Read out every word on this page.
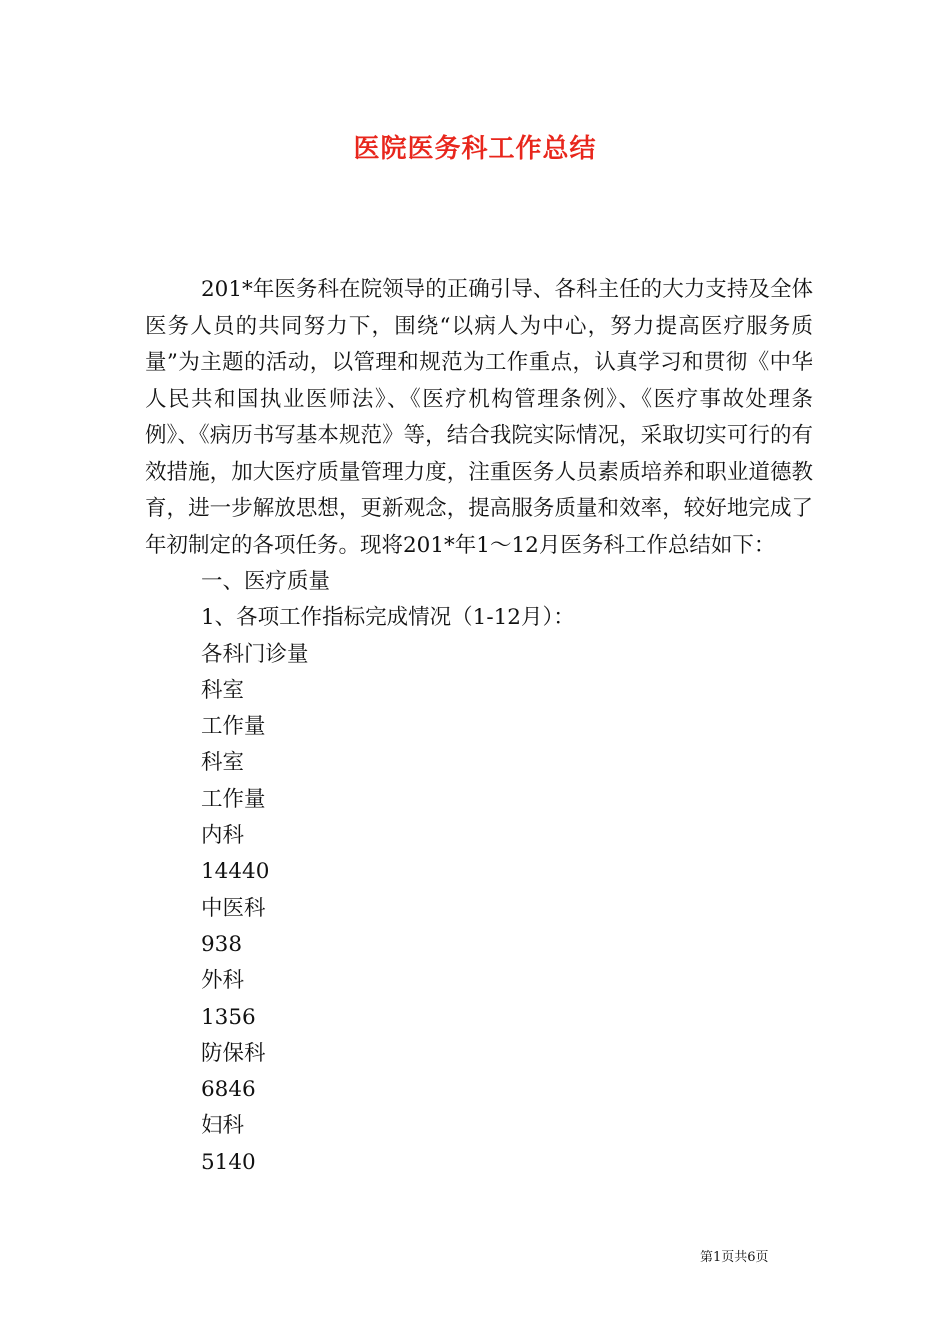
医院医务科工作总结

201*年医务科在院领导的正确引导、各科主任的大力支持及全体医务人员的共同努力下，围绕“以病人为中心，努力提高医疗服务质量”为主题的活动，以管理和规范为工作重点，认真学习和贯彻《中华人民共和国执业医师法》、《医疗机构管理条例》、《医疗事故处理条例》、《病历书写基本规范》等，结合我院实际情况，采取切实可行的有效措施，加大医疗质量管理力度，注重医务人员素质培养和职业道德教育，进一步解放思想，更新观念，提高服务质量和效率，较好地完成了年初制定的各项任务。现将201*年1～12月医务科工作总结如下：

一、医疗质量

1、各项工作指标完成情况（1-12月）：

各科门诊量

科室

工作量

科室

工作量

内科

14440

中医科

938

外科

1356

防保科

6846

妇科

5140

第1页共6页
